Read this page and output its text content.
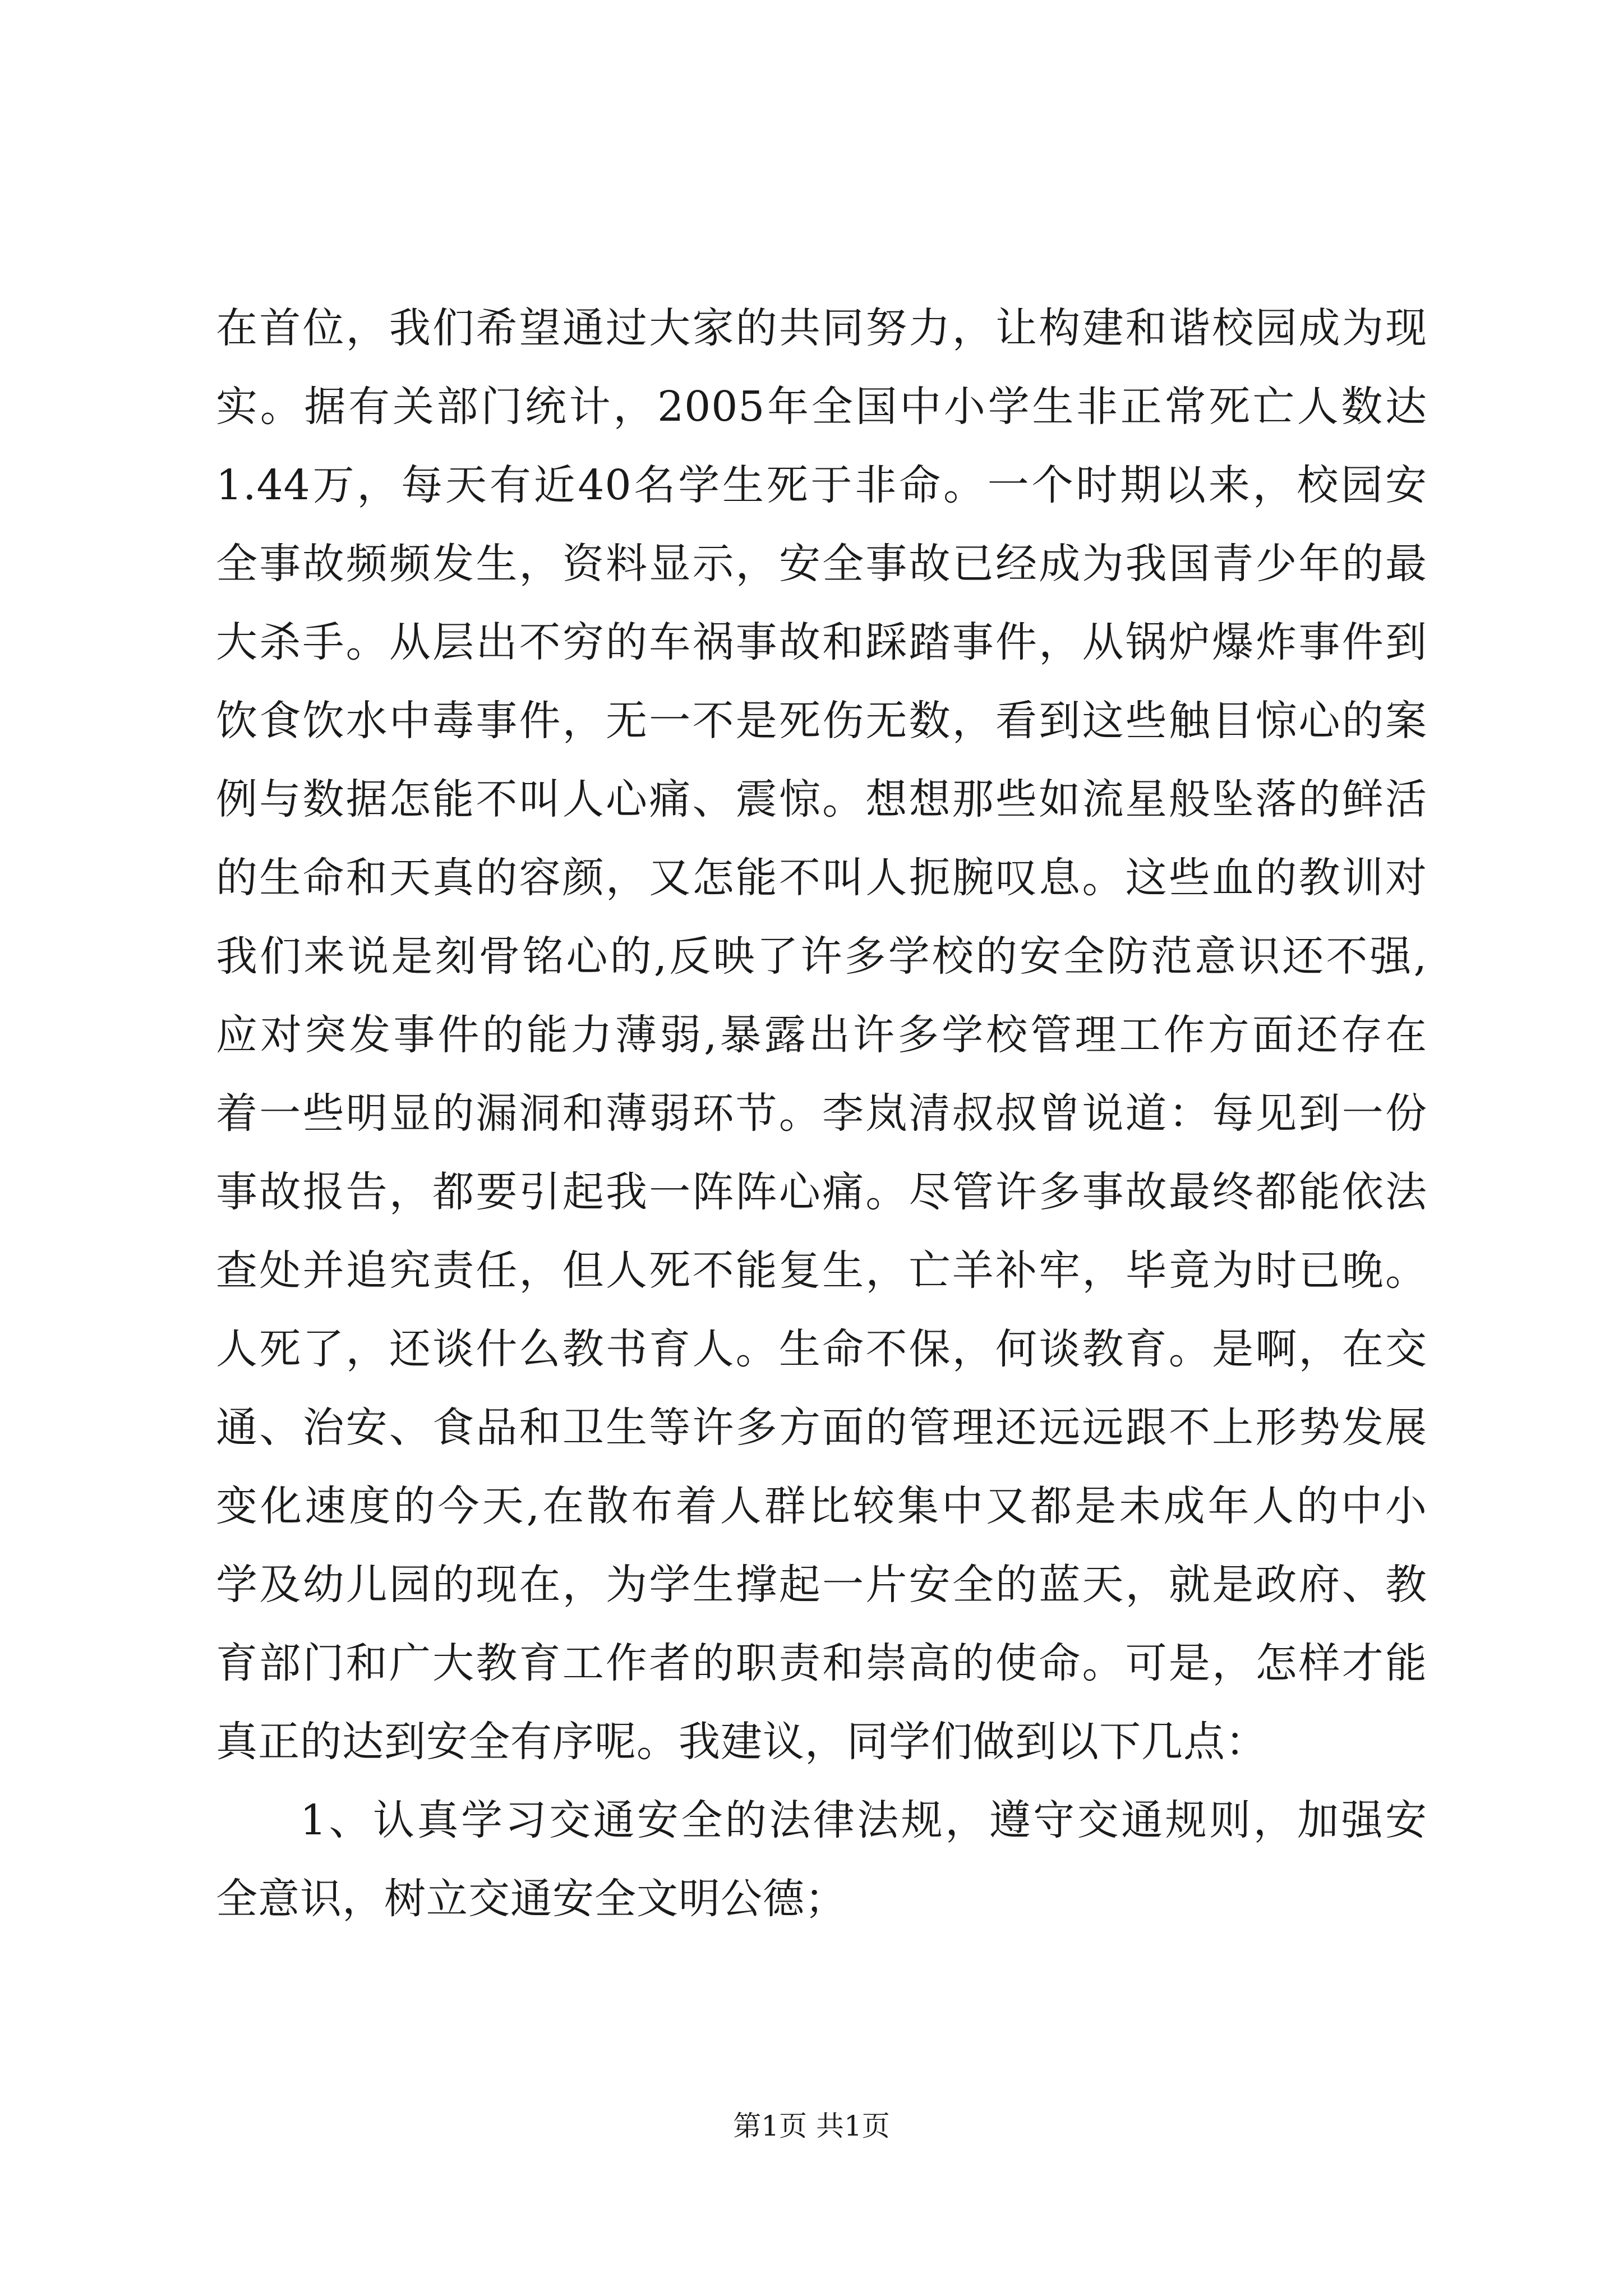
在首位，我们希望通过大家的共同努力，让构建和谐校园成为现
实。据有关部门统计，2005年全国中小学生非正常死亡人数达
1.44万，每天有近40名学生死于非命。一个时期以来，校园安
全事故频频发生，资料显示，安全事故已经成为我国青少年的最
大杀手。从层出不穷的车祸事故和踩踏事件，从锅炉爆炸事件到
饮食饮水中毒事件，无一不是死伤无数，看到这些触目惊心的案
例与数据怎能不叫人心痛、震惊。想想那些如流星般坠落的鲜活
的生命和天真的容颜，又怎能不叫人扼腕叹息。这些血的教训对
我们来说是刻骨铭心的,反映了许多学校的安全防范意识还不强,
应对突发事件的能力薄弱,暴露出许多学校管理工作方面还存在
着一些明显的漏洞和薄弱环节。李岚清叔叔曾说道：每见到一份
事故报告，都要引起我一阵阵心痛。尽管许多事故最终都能依法
查处并追究责任，但人死不能复生，亡羊补牢，毕竟为时已晚。
人死了，还谈什么教书育人。生命不保，何谈教育。是啊，在交
通、治安、食品和卫生等许多方面的管理还远远跟不上形势发展
变化速度的今天,在散布着人群比较集中又都是未成年人的中小
学及幼儿园的现在，为学生撑起一片安全的蓝天，就是政府、教
育部门和广大教育工作者的职责和崇高的使命。可是，怎样才能
真正的达到安全有序呢。我建议，同学们做到以下几点：
1、认真学习交通安全的法律法规，遵守交通规则，加强安
全意识，树立交通安全文明公德；
第1页 共1页
